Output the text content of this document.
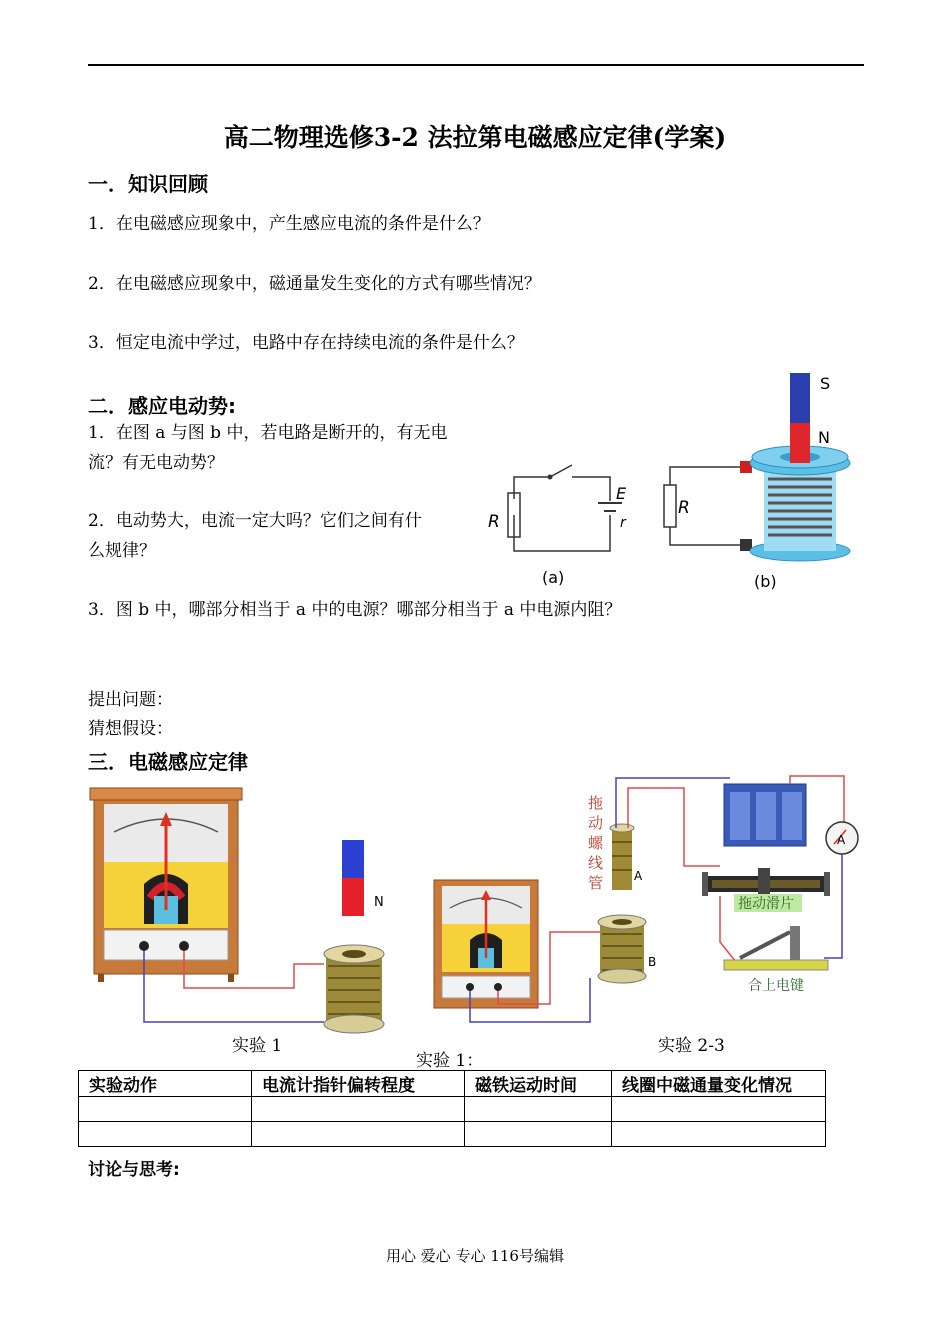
高二物理选修3-2 法拉第电磁感应定律(学案)
一．知识回顾
1．在电磁感应现象中，产生感应电流的条件是什么？
2．在电磁感应现象中，磁通量发生变化的方式有哪些情况？
3．恒定电流中学过，电路中存在持续电流的条件是什么？
二．感应电动势:
1．在图 a 与图 b 中，若电路是断开的，有无电
流？有无电动势？
2．电动势大，电流一定大吗？它们之间有什
么规律？
3．图 b 中，哪部分相当于 a 中的电源？哪部分相当于 a 中电源内阻？
R
E
r
(a)
R
S
N
(b)
提出问题：
猜想假设：
三．电磁感应定律
N
B
A
拖
动
螺
线
管
A
拖动滑片
合上电键
实验 1	实验 2-3
实验 1：
实验动作	电流计指针偏转程度	磁铁运动时间	线圈中磁通量变化情况

讨论与思考:
用心 爱心 专心 116号编辑
